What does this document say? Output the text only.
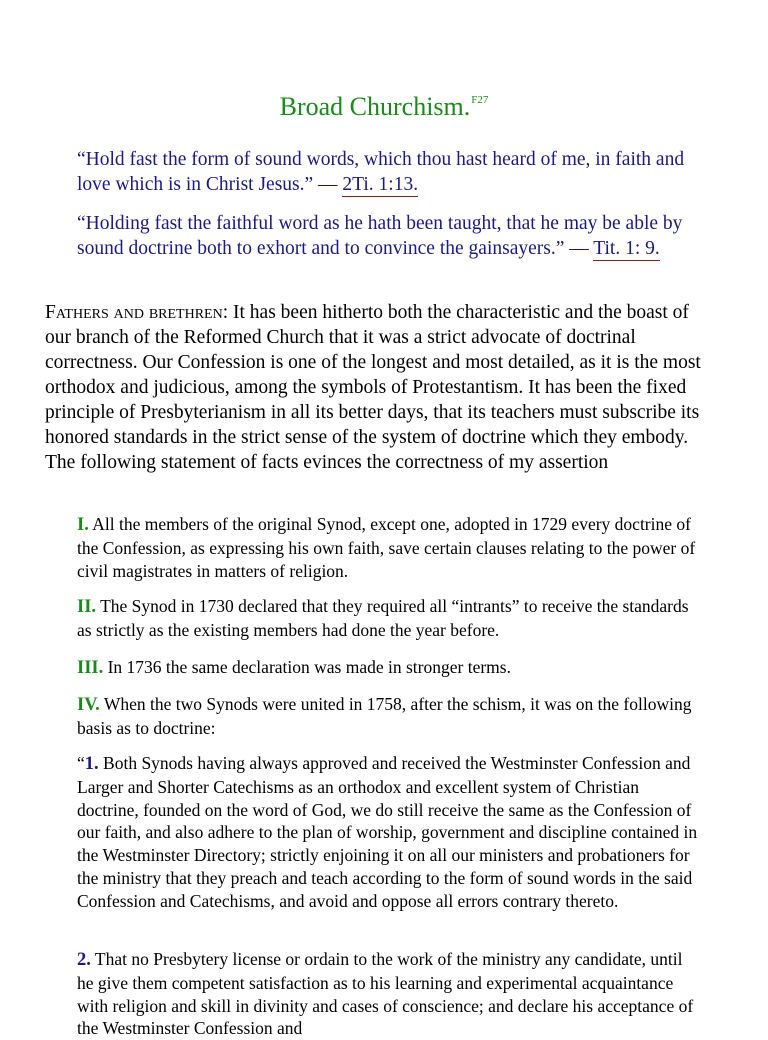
Broad Churchism.$^{F27}$

“Hold fast the form of sound words, which thou hast heard of me, in faith and love which is in Christ Jesus.” — 2Ti. 1:13.

“Holding fast the faithful word as he hath been taught, that he may be able by sound doctrine both to exhort and to convince the gainsayers.” — Tit. 1: 9.

Fathers and brethren: It has been hitherto both the characteristic and the boast of our branch of the Reformed Church that it was a strict advocate of doctrinal correctness. Our Confession is one of the longest and most detailed, as it is the most orthodox and judicious, among the symbols of Protestantism. It has been the fixed principle of Presbyterianism in all its better days, that its teachers must subscribe its honored standards in the strict sense of the system of doctrine which they embody. The following statement of facts evinces the correctness of my assertion

I. All the members of the original Synod, except one, adopted in 1729 every doctrine of the Confession, as expressing his own faith, save certain clauses relating to the power of civil magistrates in matters of religion.

II. The Synod in 1730 declared that they required all “intrants” to receive the standards as strictly as the existing members had done the year before.

III. In 1736 the same declaration was made in stronger terms.

IV. When the two Synods were united in 1758, after the schism, it was on the following basis as to doctrine:

“1. Both Synods having always approved and received the Westminster Confession and Larger and Shorter Catechisms as an orthodox and excellent system of Christian doctrine, founded on the word of God, we do still receive the same as the Confession of our faith, and also adhere to the plan of worship, government and discipline contained in the Westminster Directory; strictly enjoining it on all our ministers and probationers for the ministry that they preach and teach according to the form of sound words in the said Confession and Catechisms, and avoid and oppose all errors contrary thereto.

2. That no Presbytery license or ordain to the work of the ministry any candidate, until he give them competent satisfaction as to his learning and experimental acquaintance with religion and skill in divinity and cases of conscience; and declare his acceptance of the Westminster Confession and
